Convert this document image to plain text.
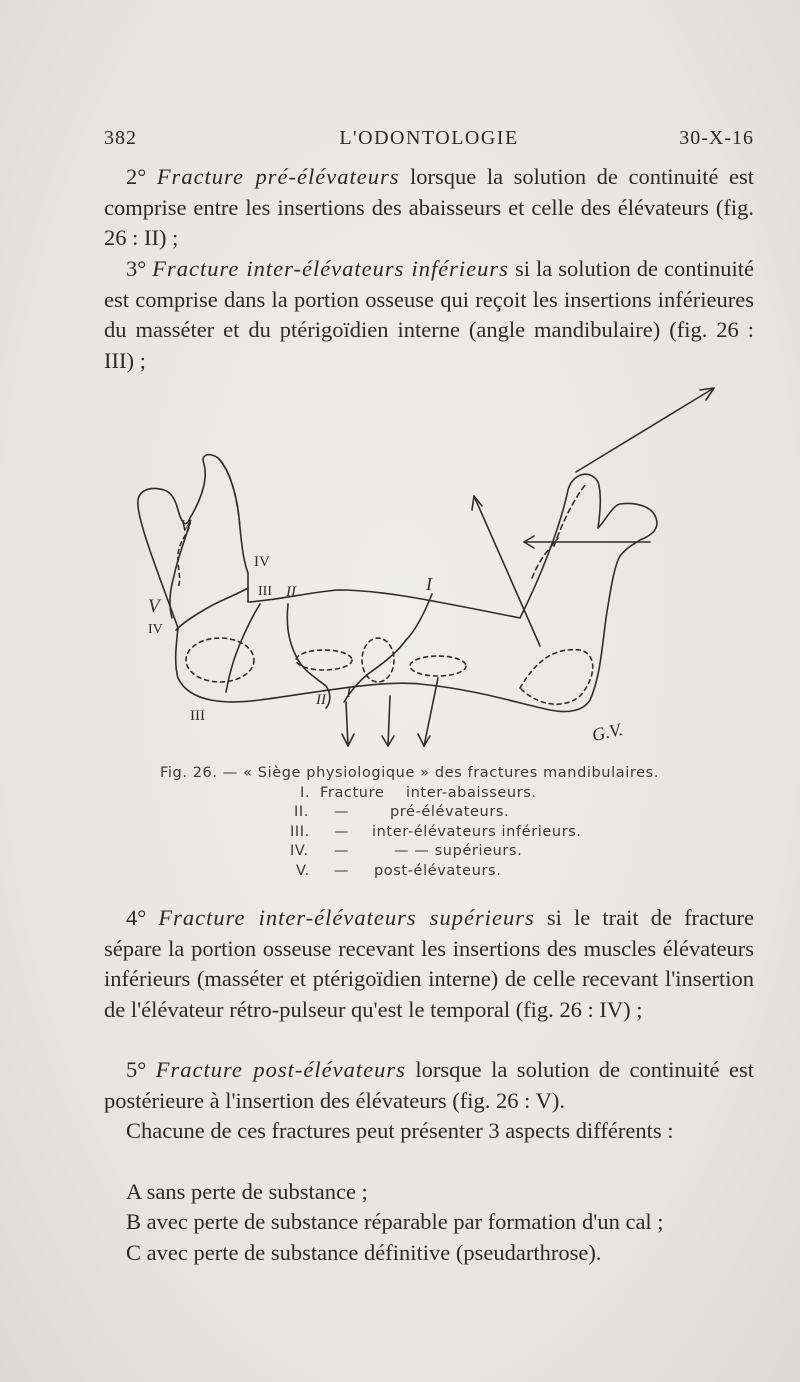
382	L'ODONTOLOGIE	30-X-16

2° Fracture pré-élévateurs lorsque la solution de continuité est comprise entre les insertions des abaisseurs et celle des élévateurs (fig. 26 : II) ;

3° Fracture inter-élévateurs inférieurs si la solution de continuité est comprise dans la portion osseuse qui reçoit les insertions inférieures du masséter et du ptérigoïdien interne (angle mandibulaire) (fig. 26 : III) ;

V
IV
III II	I
V
IV
III
II I
G.V.
Fig. 26. — « Siège physiologique » des fractures mandibulaires.
I. Fracture inter-abaisseurs.
II. —	pré-élévateurs.
III. — inter-élévateurs inférieurs.
IV. —	— — supérieurs.
V. — post-élévateurs.

4° Fracture inter-élévateurs supérieurs si le trait de fracture sépare la portion osseuse recevant les insertions des muscles élévateurs inférieurs (masséter et ptérigoïdien interne) de celle recevant l'insertion de l'élévateur rétro-pulseur qu'est le temporal (fig. 26 : IV) ;

5° Fracture post-élévateurs lorsque la solution de continuité est postérieure à l'insertion des élévateurs (fig. 26 : V).

Chacune de ces fractures peut présenter 3 aspects différents :

A sans perte de substance ;

B avec perte de substance réparable par formation d'un cal ;

C avec perte de substance définitive (pseudarthrose).
